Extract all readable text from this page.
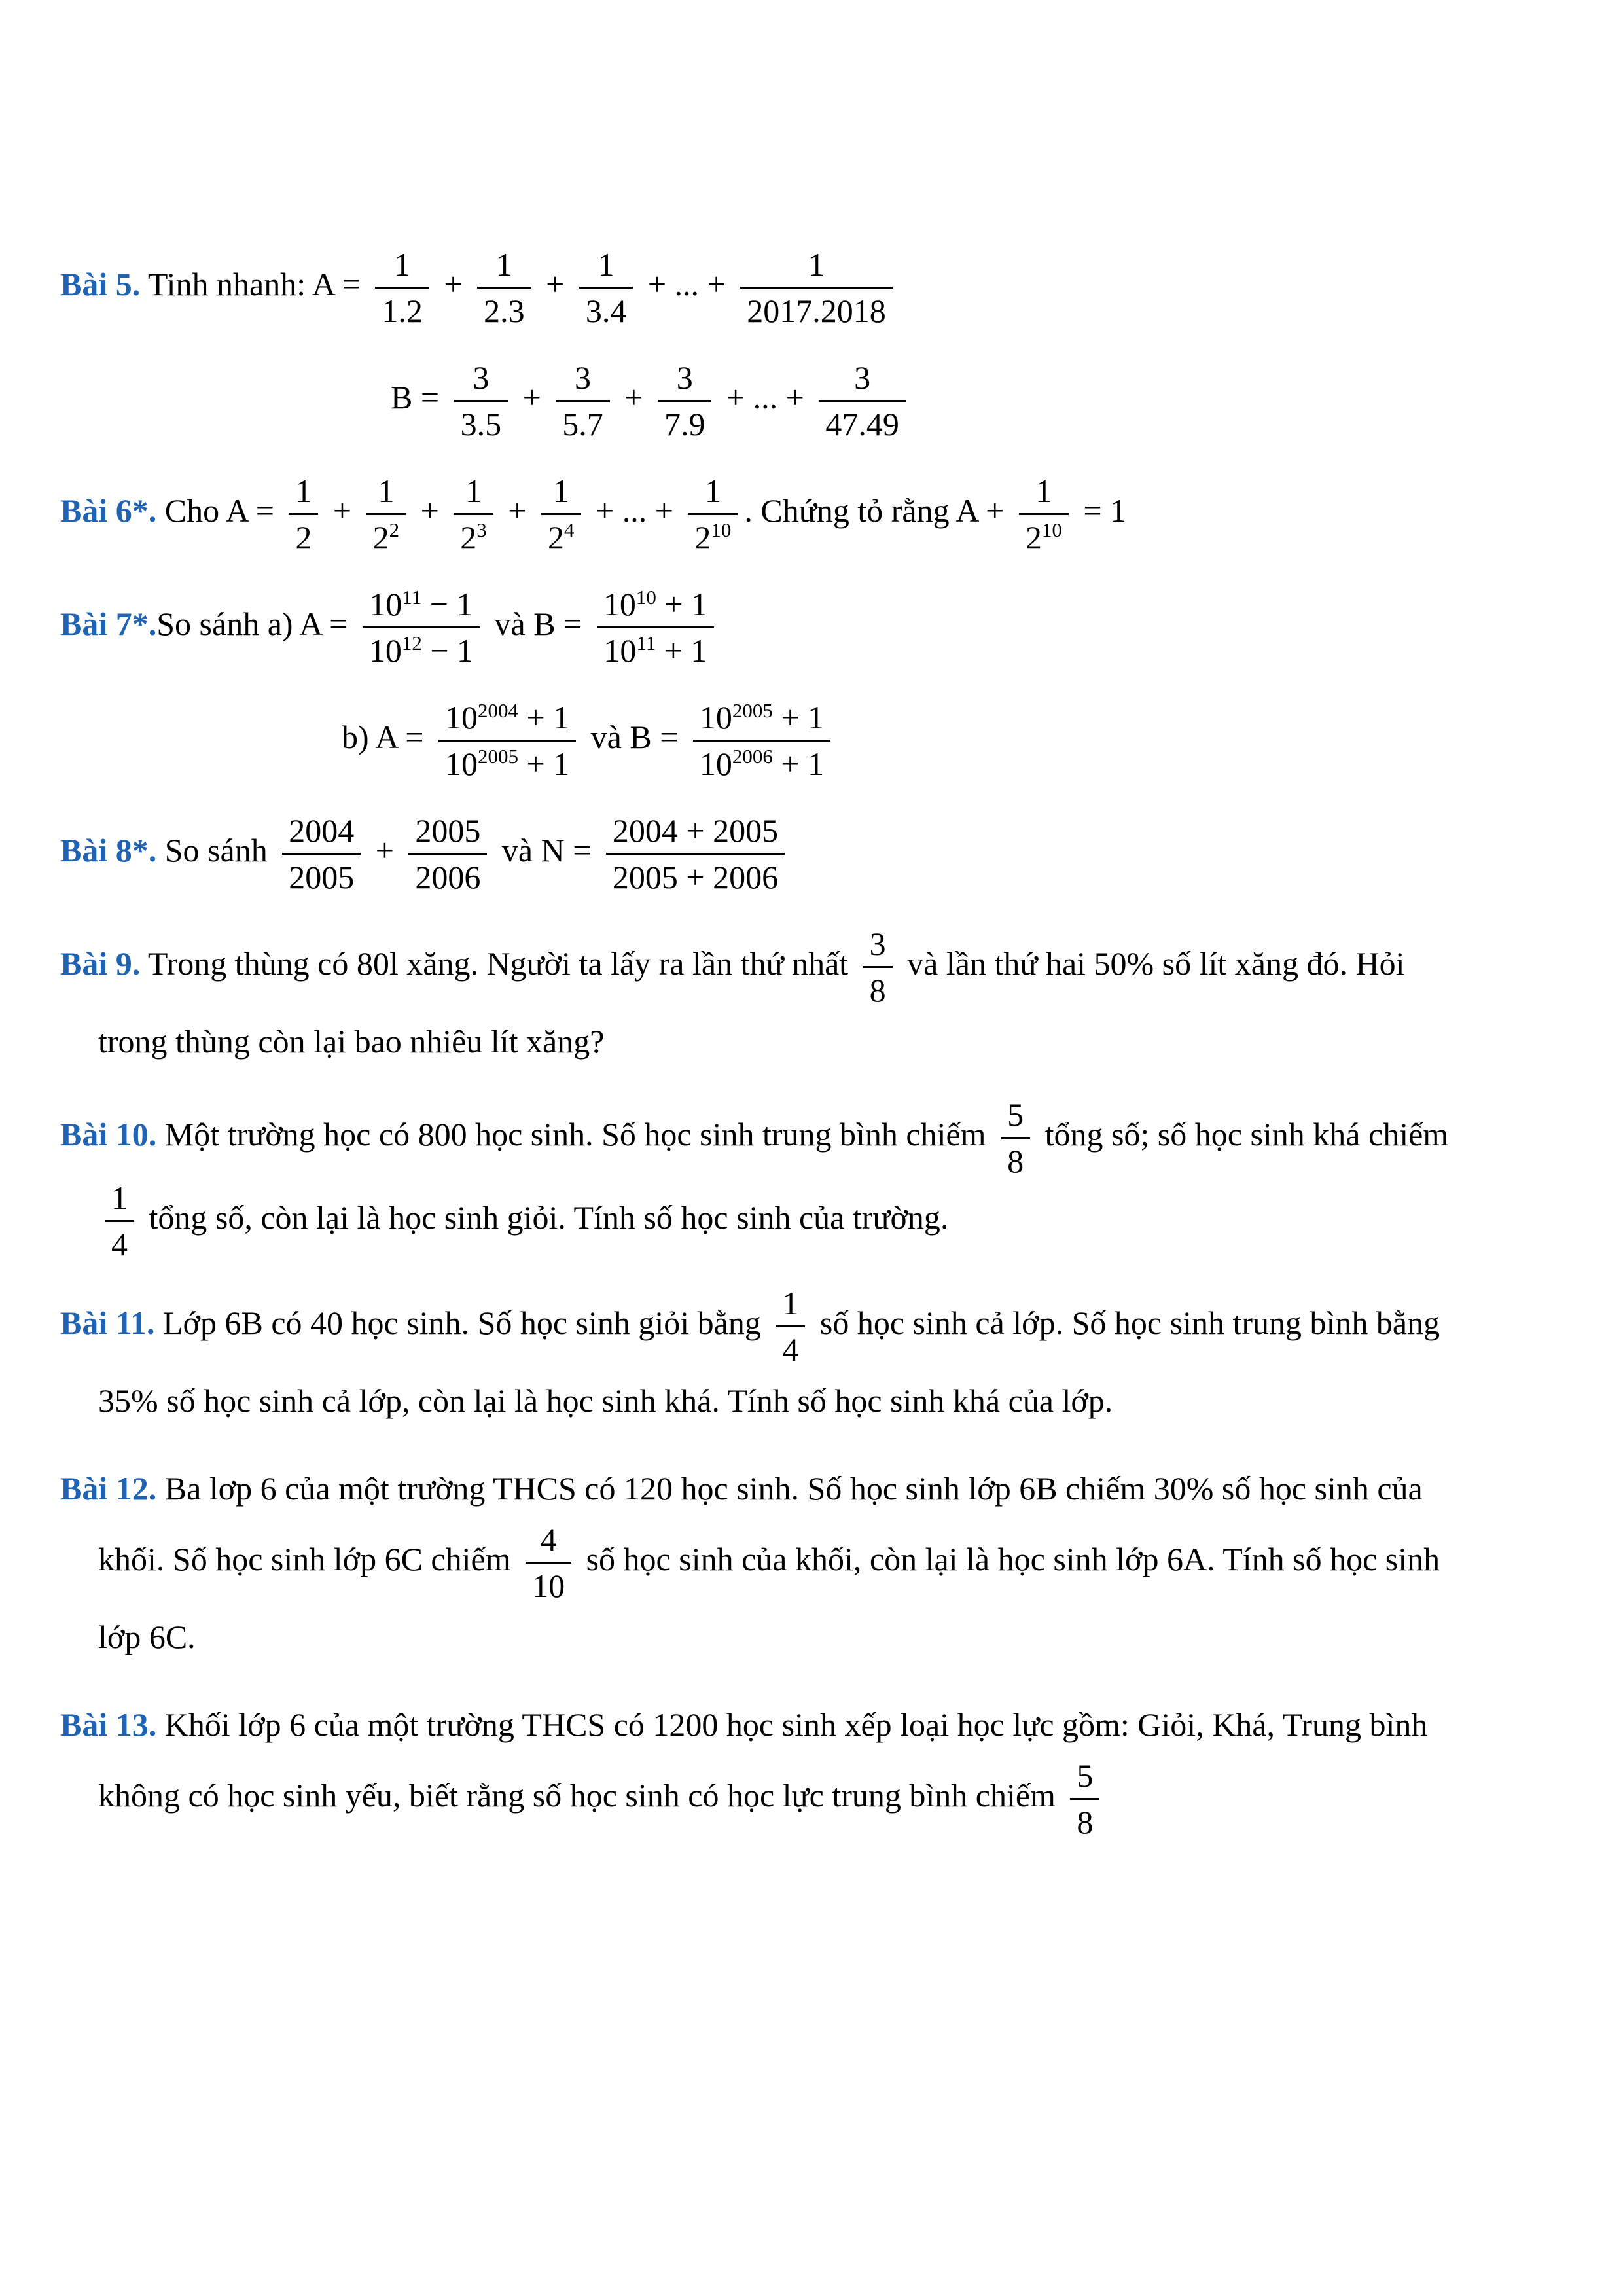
Bài 5. Tinh nhanh: $A = \frac{1}{1.2} + \frac{1}{2.3} + \frac{1}{3.4}$ + ... + $\frac{1}{2017.2018}$
$B = \frac{3}{3.5} + \frac{3}{5.7} + \frac{3}{7.9}$ + ... + $\frac{3}{47.49}$
Bài 6*. Cho $A = \frac{1}{2} + \frac{1}{2^2} + \frac{1}{2^3} + \frac{1}{2^4}$ + ... + $\frac{1}{2^{10}}$ . Chứng tỏ rằng $A + \frac{1}{2^{10}} = 1$
Bài 7*.So sánh a) $A = \frac{10^{11} - 1}{10^{12} - 1}$ và $B = \frac{10^{10} + 1}{10^{11} + 1}$
b) $A = \frac{10^{2004} + 1}{10^{2005} + 1}$ và $B = \frac{10^{2005} + 1}{10^{2006} + 1}$
Bài 8*. So sánh $\frac{2004}{2005} + \frac{2005}{2006}$ và $N = \frac{2004 + 2005}{2005 + 2006}$
Bài 9. Trong thùng có 80l xăng. Người ta lấy ra lần thứ nhất $\frac{3}{8}$ và lần thứ hai 50% số lít xăng đó. Hỏi trong thùng còn lại bao nhiêu lít xăng?
Bài 10. Một trường học có 800 học sinh. Số học sinh trung bình chiếm $\frac{5}{8}$ tổng số; số học sinh khá chiếm
$\frac{1}{4}$ tổng số, còn lại là học sinh giỏi. Tính số học sinh của trường.
Bài 11. Lớp 6B có 40 học sinh. Số học sinh giỏi bằng $\frac{1}{4}$ số học sinh cả lớp. Số học sinh trung bình bằng 35% số học sinh cả lớp, còn lại là học sinh khá. Tính số học sinh khá của lớp.
Bài 12. Ba lơp 6 của một trường THCS có 120 học sinh. Số học sinh lớp 6B chiếm 30% số học sinh của khối. Số học sinh lớp 6C chiếm $\frac{4}{10}$ số học sinh của khối, còn lại là học sinh lớp 6A. Tính số học sinh lớp 6C.
Bài 13. Khối lớp 6 của một trường THCS có 1200 học sinh xếp loại học lực gồm: Giỏi, Khá, Trung bình không có học sinh yếu, biết rằng số học sinh có học lực trung bình chiếm $\frac{5}{8}$
